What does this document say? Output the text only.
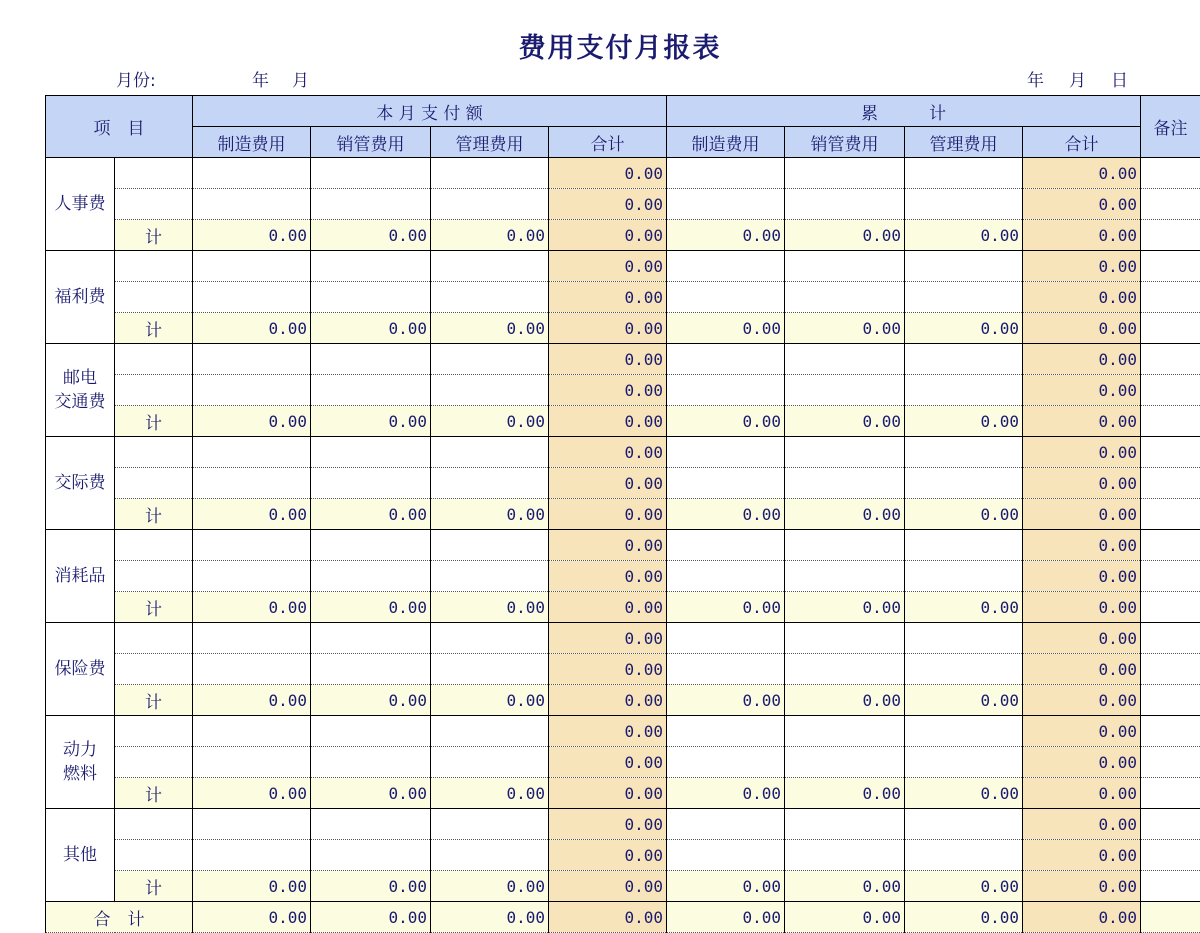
费用支付月报表
月份:	年 月	年 月 日
项　目		本 月 支 付 额				累　　　计				备注
		制造费用	销管费用	管理费用	合计	制造费用	销管费用	管理费用	合计	
人事费					0.00				0.00	
					0.00				0.00	
	计	0.00	0.00	0.00	0.00	0.00	0.00	0.00	0.00	
福利费					0.00				0.00	
					0.00				0.00	
	计	0.00	0.00	0.00	0.00	0.00	0.00	0.00	0.00	
邮电
交通费					0.00				0.00	
					0.00				0.00	
	计	0.00	0.00	0.00	0.00	0.00	0.00	0.00	0.00	
交际费					0.00				0.00	
					0.00				0.00	
	计	0.00	0.00	0.00	0.00	0.00	0.00	0.00	0.00	
消耗品					0.00				0.00	
					0.00				0.00	
	计	0.00	0.00	0.00	0.00	0.00	0.00	0.00	0.00	
保险费					0.00				0.00	
					0.00				0.00	
	计	0.00	0.00	0.00	0.00	0.00	0.00	0.00	0.00	
动力
燃料					0.00				0.00	
					0.00				0.00	
	计	0.00	0.00	0.00	0.00	0.00	0.00	0.00	0.00	
其他					0.00				0.00	
					0.00				0.00	
	计	0.00	0.00	0.00	0.00	0.00	0.00	0.00	0.00	
合　计		0.00	0.00	0.00	0.00	0.00	0.00	0.00	0.00	
